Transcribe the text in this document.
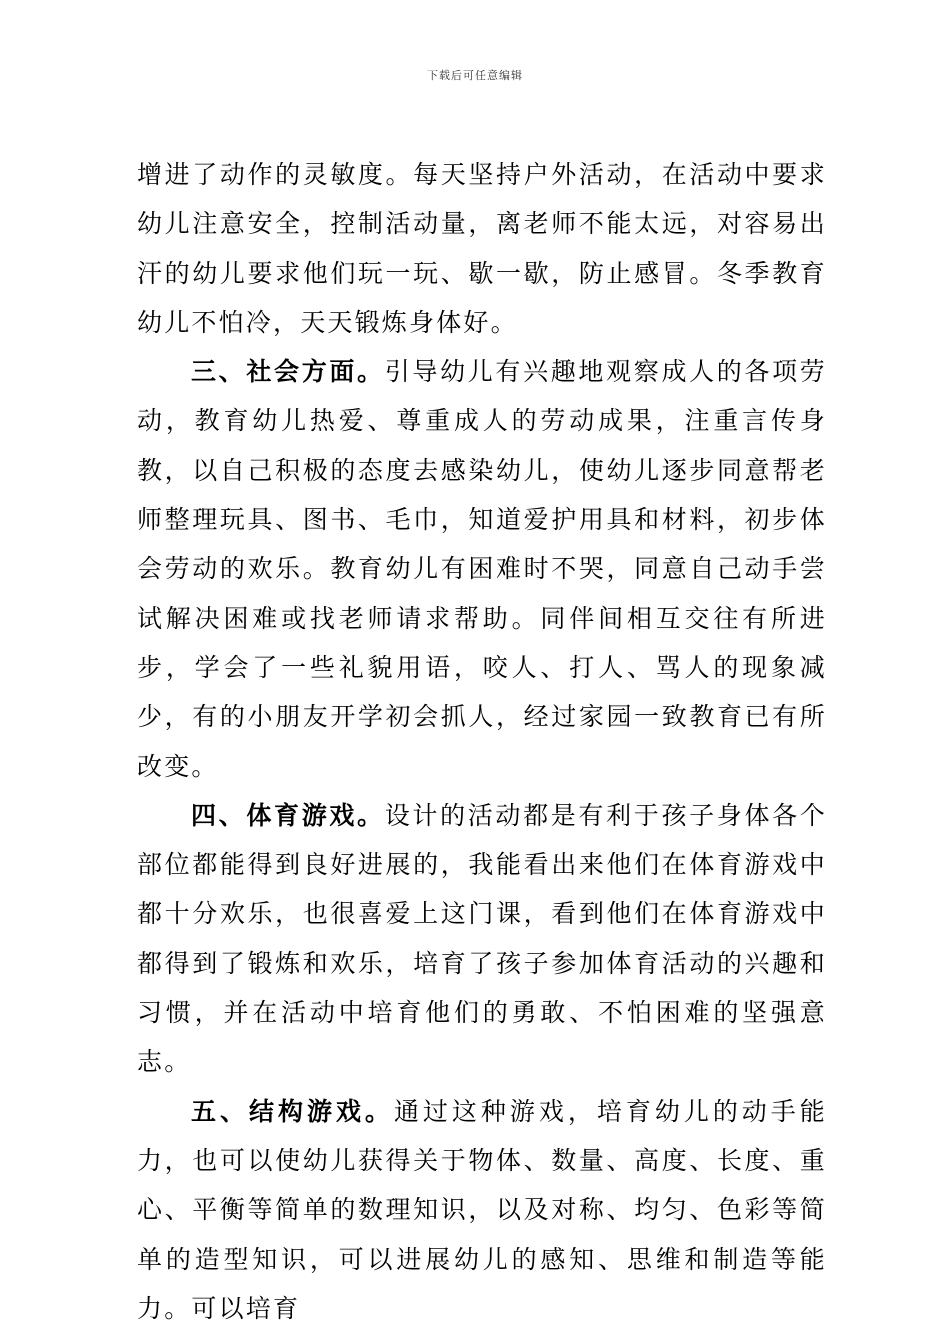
下载后可任意编辑

增进了动作的灵敏度。每天坚持户外活动，在活动中要求幼儿注意安全，控制活动量，离老师不能太远，对容易出汗的幼儿要求他们玩一玩、歇一歇，防止感冒。冬季教育幼儿不怕冷，天天锻炼身体好。

三、社会方面。引导幼儿有兴趣地观察成人的各项劳动，教育幼儿热爱、尊重成人的劳动成果，注重言传身教，以自己积极的态度去感染幼儿，使幼儿逐步同意帮老师整理玩具、图书、毛巾，知道爱护用具和材料，初步体会劳动的欢乐。教育幼儿有困难时不哭，同意自己动手尝试解决困难或找老师请求帮助。同伴间相互交往有所进步，学会了一些礼貌用语，咬人、打人、骂人的现象减少，有的小朋友开学初会抓人，经过家园一致教育已有所改变。

四、体育游戏。设计的活动都是有利于孩子身体各个部位都能得到良好进展的，我能看出来他们在体育游戏中都十分欢乐，也很喜爱上这门课，看到他们在体育游戏中都得到了锻炼和欢乐，培育了孩子参加体育活动的兴趣和习惯，并在活动中培育他们的勇敢、不怕困难的坚强意志。

五、结构游戏。通过这种游戏，培育幼儿的动手能力，也可以使幼儿获得关于物体、数量、高度、长度、重心、平衡等简单的数理知识，以及对称、均匀、色彩等简单的造型知识，可以进展幼儿的感知、思维和制造等能力。可以培育
